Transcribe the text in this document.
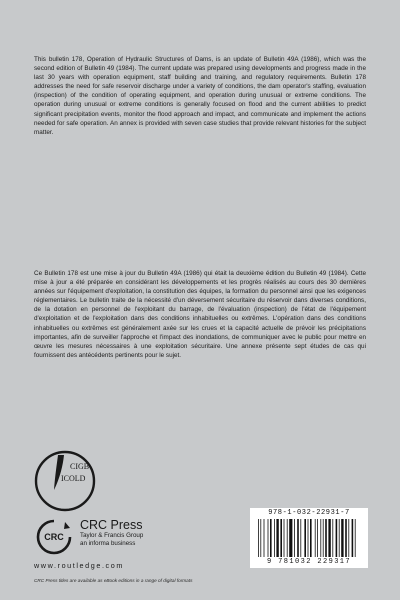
This bulletin 178, Operation of Hydraulic Structures of Dams, is an update of Bulletin 49A (1986), which was the second edition of Bulletin 49 (1984). The current update was prepared using developments and progress made in the last 30 years with operation equipment, staff building and training, and regulatory requirements. Bulletin 178 addresses the need for safe reservoir discharge under a variety of conditions, the dam operator's staffing, evaluation (inspection) of the condition of operating equipment, and operation during unusual or extreme conditions. The operation during unusual or extreme conditions is generally focused on flood and the current abilities to predict significant precipitation events, monitor the flood approach and impact, and communicate and implement the actions needed for safe operation. An annex is provided with seven case studies that provide relevant histories for the subject matter.

Ce Bulletin 178 est une mise à jour du Bulletin 49A (1986) qui était la deuxième édition du Bulletin 49 (1984). Cette mise à jour a été préparée en considérant les développements et les progrès réalisés au cours des 30 dernières années sur l'équipement d'exploitation, la constitution des équipes, la formation du personnel ainsi que les exigences réglementaires. Le bulletin traite de la nécessité d'un déversement sécuritaire du réservoir dans diverses conditions, de la dotation en personnel de l'exploitant du barrage, de l'évaluation (inspection) de l'état de l'équipement d'exploitation et de l'exploitation dans des conditions inhabituelles ou extrêmes. L'opération dans des conditions inhabituelles ou extrêmes est généralement axée sur les crues et la capacité actuelle de prévoir les précipitations importantes, afin de surveiller l'approche et l'impact des inondations, de communiquer avec le public pour mettre en œuvre les mesures nécessaires à une exploitation sécuritaire. Une annexe présente sept études de cas qui fournissent des antécédents pertinents pour le sujet.

CIGB
ICOLD
CRC
CRC Press
Taylor & Francis Group
an informa business
www.routledge.com
CRC Press titles are available as eBook editions in a range of digital formats
978-1-032-22931-7
9 781032 229317
